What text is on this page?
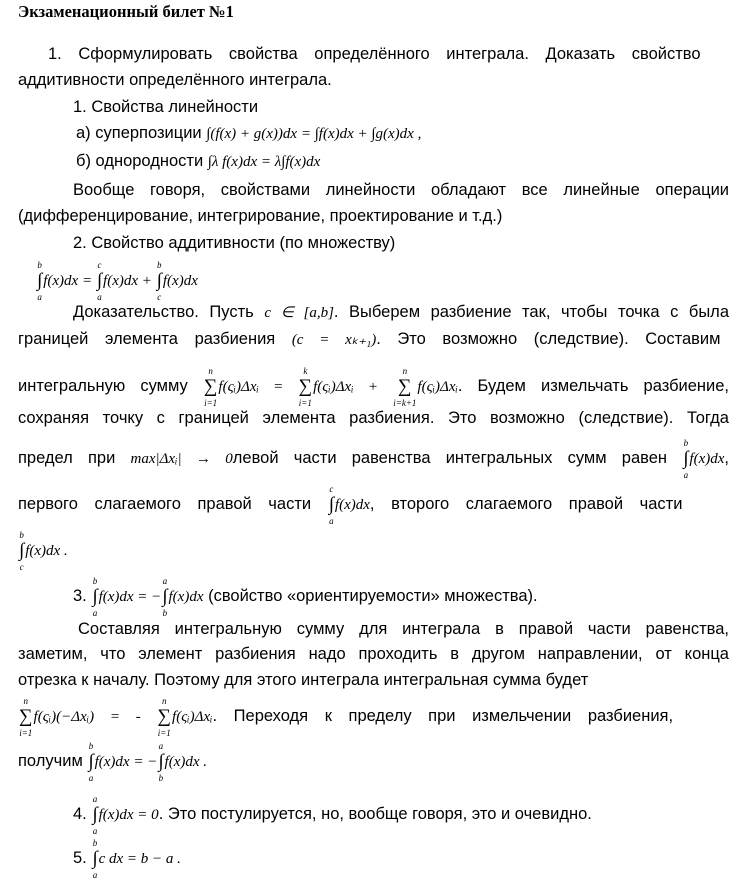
Экзаменационный билет №1
1. Сформулировать свойства определённого интеграла. Доказать свойство
аддитивности определённого интеграла.
1. Свойства линейности
а) суперпозиции ∫(f(x) + g(x))dx = ∫f(x)dx + ∫g(x)dx ,
б) однородности ∫λ f(x)dx = λ∫f(x)dx
Вообще говоря, свойствами линейности обладают все линейные операции
(дифференцирование, интегрирование, проектирование и т.д.)
2. Свойство аддитивности (по множеству)
b
∫
a
f(x)dx =
c
∫
a
f(x)dx +
b
∫
c
f(x)dx
Доказательство. Пусть c ∈ [a,b]. Выберем разбиение так, чтобы точка с была
границей элемента разбиения (c = xₖ₊₁). Это возможно (следствие). Составим
интегральную сумму
n
∑
i=1
f(ςᵢ)Δxᵢ =
k
∑
i=1
f(ςᵢ)Δxᵢ +
n
∑
i=k+1
f(ςᵢ)Δxᵢ. Будем измельчать разбиение,
сохраняя точку с границей элемента разбиения. Это возможно (следствие). Тогда
предел при max|Δxᵢ| → 0левой части равенства интегральных сумм равен
b
∫
a
f(x)dx,
первого слагаемого правой части
c
∫
a
f(x)dx, второго слагаемого правой части
b
∫
c
f(x)dx .
3.
b
∫
a
f(x)dx = −
a
∫
b
f(x)dx (свойство «ориентируемости» множества).
Составляя интегральную сумму для интеграла в правой части равенства,
заметим, что элемент разбиения надо проходить в другом направлении, от конца
отрезка к началу. Поэтому для этого интеграла интегральная сумма будет
n
∑
i=1
f(ςᵢ)(−Δxᵢ) = -
n
∑
i=1
f(ςᵢ)Δxᵢ. Переходя к пределу при измельчении разбиения,
получим
b
∫
a
f(x)dx = −
a
∫
b
f(x)dx .
4.
a
∫
a
f(x)dx = 0. Это постулируется, но, вообще говоря, это и очевидно.
5.
b
∫
a
c dx = b − a .
